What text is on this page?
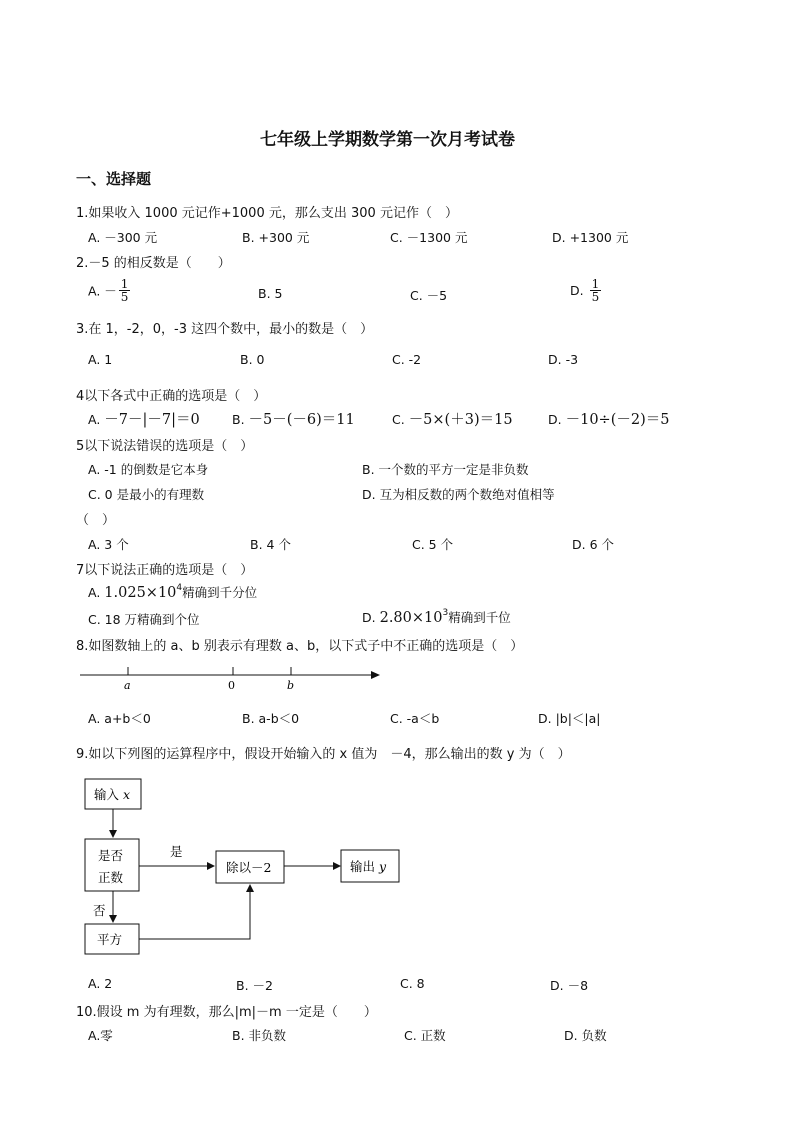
七年级上学期数学第一次月考试卷
一、选择题
1.如果收入 1000 元记作+1000 元，那么支出 300 元记作（　）
A. －300 元	B. +300 元	C. －1300 元	D. +1300 元
2.－5 的相反数是（　　）
A. － $\frac{1}{5}$	B. 5	C. －5	D. $\frac{1}{5}$
3.在 1，-2，0，-3 这四个数中，最小的数是（　）
A. 1	B. 0	C. -2	D. -3
4以下各式中正确的选项是（　）
A. －7－|－7|＝0	B. －5－(－6)＝11	C. －5×(＋3)＝15	D. －10÷(－2)＝5
5以下说法错误的选项是（　）
A. -1 的倒数是它本身	B. 一个数的平方一定是非负数
C. 0 是最小的有理数	D. 互为相反数的两个数绝对值相等
（　）
A. 3 个	B. 4 个	C. 5 个	D. 6 个
7以下说法正确的选项是（　）
A. $1.025\times 10^4$精确到千分位
C. 18 万精确到个位	D. $2.80\times 10^3$精确到千位
8.如图数轴上的 a、b 别表示有理数 a、b，以下式子中不正确的选项是（　）
a	0	b
A. a+b＜0	B. a-b＜0	C. -a＜b	D. |b|＜|a|
9.如以下列图的运算程序中，假设开始输入的 x 值为　－4，那么输出的数 y 为（　）
输入 x
是否
正数
是
除以－2	输出 y
否
平方
A. 2	B. －2	C. 8	D. －8
10.假设 m 为有理数，那么|m|－m 一定是（　　）
A.零	B. 非负数	C. 正数	D. 负数
